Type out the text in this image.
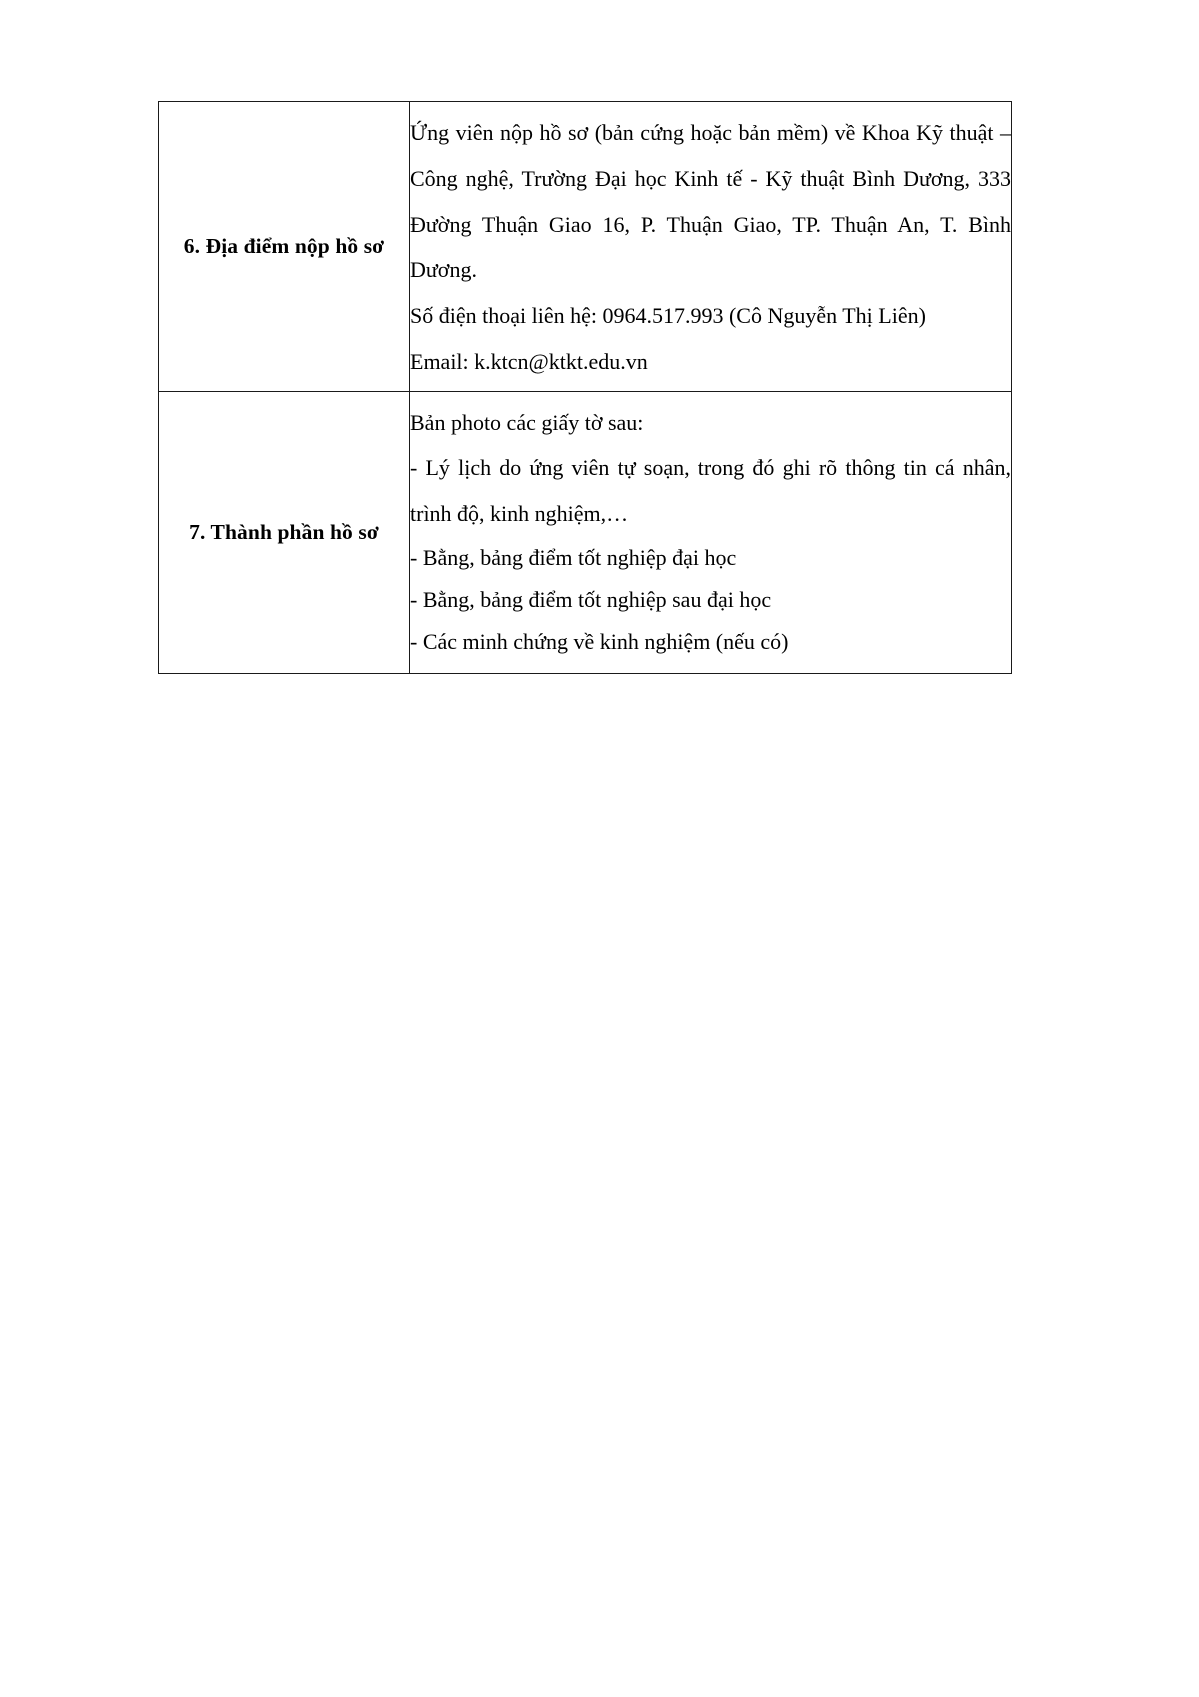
6. Địa điểm nộp hồ sơ	Ứng viên nộp hồ sơ (bản cứng hoặc bản mềm) về Khoa Kỹ thuật – Công nghệ, Trường Đại học Kinh tế - Kỹ thuật Bình Dương, 333 Đường Thuận Giao 16, P. Thuận Giao, TP. Thuận An, T. Bình Dương.

Số điện thoại liên hệ: 0964.517.993 (Cô Nguyễn Thị Liên)

Email: k.ktcn@ktkt.edu.vn

7. Thành phần hồ sơ	Bản photo các giấy tờ sau:

- Lý lịch do ứng viên tự soạn, trong đó ghi rõ thông tin cá nhân, trình độ, kinh nghiệm,…

- Bằng, bảng điểm tốt nghiệp đại học

- Bằng, bảng điểm tốt nghiệp sau đại học

- Các minh chứng về kinh nghiệm (nếu có)
